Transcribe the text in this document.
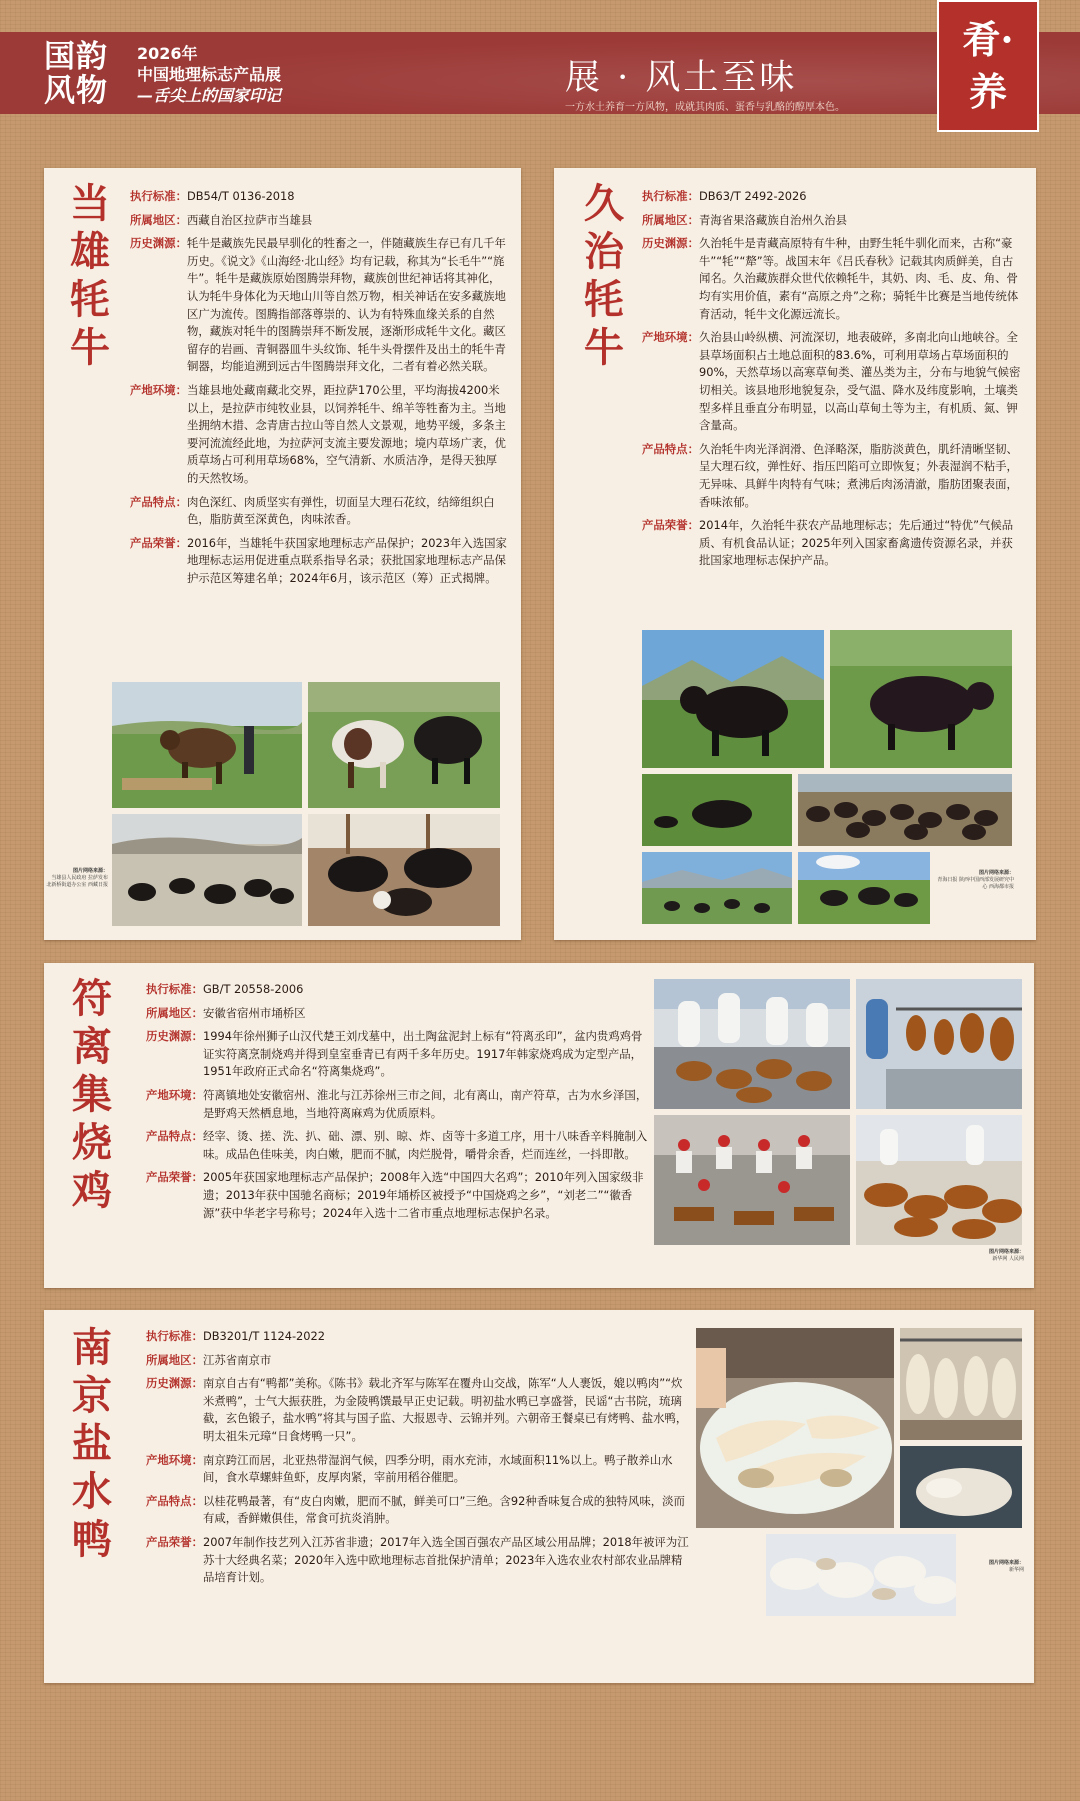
国韵
风物
2026年
中国地理标志产品展
—舌尖上的国家印记	展 · 风土至味
一方水土养育一方风物，成就其肉质、蛋香与乳酪的醇厚本色。
肴·
养
当
雄
牦
牛
执行标准： DB54/T 0136-2018
所属地区： 西藏自治区拉萨市当雄县
历史渊源： 牦牛是藏族先民最早驯化的牲畜之一，伴随藏族生存已有几千年历史。《说文》《山海经·北山经》均有记载，称其为“长毛牛”“旄牛”。牦牛是藏族原始图腾崇拜物，藏族创世纪神话将其神化，认为牦牛身体化为天地山川等自然万物，相关神话在安多藏族地区广为流传。图腾指部落尊崇的、认为有特殊血缘关系的自然物，藏族对牦牛的图腾崇拜不断发展，逐渐形成牦牛文化。藏区留存的岩画、青铜器皿牛头纹饰、牦牛头骨摆件及出土的牦牛青铜器，均能追溯到远古牛图腾崇拜文化，二者有着必然关联。
产地环境： 当雄县地处藏南藏北交界，距拉萨170公里，平均海拔4200米以上，是拉萨市纯牧业县，以饲养牦牛、绵羊等牲畜为主。当地坐拥纳木措、念青唐古拉山等自然人文景观，地势平缓，多条主要河流流经此地，为拉萨河支流主要发源地；境内草场广袤，优质草场占可利用草场68%，空气清新、水质洁净，是得天独厚的天然牧场。
产品特点： 肉色深红、肉质坚实有弹性，切面呈大理石花纹，结缔组织白色，脂肪黄至深黄色，肉味浓香。
产品荣誉： 2016年，当雄牦牛获国家地理标志产品保护；2023年入选国家地理标志运用促进重点联系指导名录；获批国家地理标志产品保护示范区筹建名单；2024年6月，该示范区（筹）正式揭牌。
图片网络来源：
当雄县人民政府 拉萨发布 北新桥街道办公室 西藏日报
久
治
牦
牛
执行标准： DB63/T 2492-2026
所属地区： 青海省果洛藏族自治州久治县
历史渊源： 久治牦牛是青藏高原特有牛种，由野生牦牛驯化而来，古称“豪牛”“牦”“犛”等。战国末年《吕氏春秋》记载其肉质鲜美，自古闻名。久治藏族群众世代依赖牦牛，其奶、肉、毛、皮、角、骨均有实用价值，素有“高原之舟”之称；骑牦牛比赛是当地传统体育活动，牦牛文化源远流长。
产地环境： 久治县山岭纵横、河流深切，地表破碎，多南北向山地峡谷。全县草场面积占土地总面积的83.6%，可利用草场占草场面积的90%，天然草场以高寒草甸类、灌丛类为主，分布与地貌气候密切相关。该县地形地貌复杂，受气温、降水及纬度影响，土壤类型多样且垂直分布明显，以高山草甸土等为主，有机质、氮、钾含量高。
产品特点： 久治牦牛肉光泽润滑、色泽略深，脂肪淡黄色，肌纤清晰坚韧、呈大理石纹，弹性好、指压凹陷可立即恢复；外表湿润不粘手，无异味、具鲜牛肉特有气味；煮沸后肉汤清澈，脂肪团聚表面，香味浓郁。
产品荣誉： 2014年，久治牦牛获农产品地理标志；先后通过“特优”气候品质、有机食品认证；2025年列入国家畜禽遗传资源名录，并获批国家地理标志保护产品。
图片网络来源：
青海日报 陕西中国西部发展研究中心 西海都市报
符
离
集
烧
鸡
执行标准： GB/T 20558-2006
所属地区： 安徽省宿州市埇桥区
历史渊源： 1994年徐州狮子山汉代楚王刘戊墓中，出土陶盆泥封上标有“符离丞印”，盆内贵鸡鸡骨证实符离烹制烧鸡并得到皇室垂青已有两千多年历史。1917年韩家烧鸡成为定型产品，1951年政府正式命名“符离集烧鸡”。
产地环境： 符离镇地处安徽宿州、淮北与江苏徐州三市之间，北有离山，南产符草，古为水乡泽国，是野鸡天然栖息地，当地符离麻鸡为优质原料。
产品特点： 经宰、烫、搓、洗、扒、础、漂、别、晾、炸、卤等十多道工序，用十八味香辛料腌制入味。成品色佳味美，肉白嫩，肥而不腻，肉烂脱骨，嚼骨余香，烂而连丝，一抖即散。
产品荣誉： 2005年获国家地理标志产品保护；2008年入选“中国四大名鸡”；2010年列入国家级非遗；2013年获中国驰名商标；2019年埇桥区被授予“中国烧鸡之乡”，“刘老二”“徽香源”获中华老字号称号；2024年入选十二省市重点地理标志保护名录。
图片网络来源：
新华网 人民网
南
京
盐
水
鸭
执行标准： DB3201/T 1124-2022
所属地区： 江苏省南京市
历史渊源： 南京自古有“鸭都”美称。《陈书》载北齐军与陈军在覆舟山交战，陈军“人人裹饭，媲以鸭肉”“炊米煮鸭”，士气大振获胜，为金陵鸭馔最早正史记载。明初盐水鸭已享盛誉，民谣“古书院，琉璃截，玄色锻子，盐水鸭”将其与国子监、大报恩寺、云锦并列。六朝帝王餐桌已有烤鸭、盐水鸭，明太祖朱元璋“日食烤鸭一只”。
产地环境： 南京跨江而居，北亚热带湿润气候，四季分明，雨水充沛，水域面积11%以上。鸭子散养山水间，食水草螺蚌鱼虾，皮厚肉紧，宰前用稻谷催肥。
产品特点： 以桂花鸭最著，有“皮白肉嫩，肥而不腻，鲜美可口”三绝。含92种香味复合成的独特风味，淡而有咸，香鲜嫩俱佳，常食可抗炎消肿。
产品荣誉： 2007年制作技艺列入江苏省非遗；2017年入选全国百强农产品区域公用品牌；2018年被评为江苏十大经典名菜；2020年入选中欧地理标志首批保护清单；2023年入选农业农村部农业品牌精品培育计划。
图片网络来源：
新华网
